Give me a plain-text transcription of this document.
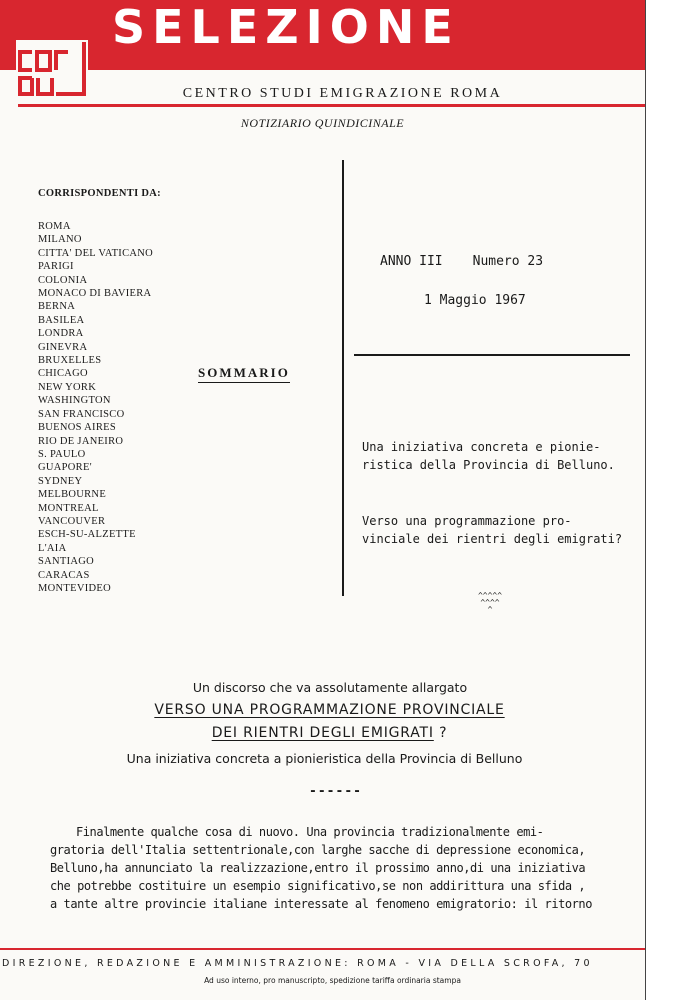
SELEZIONE
CENTRO STUDI EMIGRAZIONE ROMA
NOTIZIARIO QUINDICINALE
CORRISPONDENTI DA:
ROMA
MILANO
CITTA' DEL VATICANO
PARIGI
COLONIA
MONACO DI BAVIERA
BERNA
BASILEA
LONDRA
GINEVRA
BRUXELLES
CHICAGO
NEW YORK
WASHINGTON
SAN FRANCISCO
BUENOS AIRES
RIO DE JANEIRO
S. PAULO
GUAPORE'
SYDNEY
MELBOURNE
MONTREAL
VANCOUVER
ESCH-SU-ALZETTE
L'AIA
SANTIAGO
CARACAS
MONTEVIDEO
SOMMARIO
ANNO III Numero 23
1 Maggio 1967
Una iniziativa concreta e pionie-
ristica della Provincia di Belluno.
Verso una programmazione pro-
vinciale dei rientri degli emigrati?
^^^^^
^^^^
^
Un discorso che va assolutamente allargato
VERSO UNA PROGRAMMAZIONE PROVINCIALE
DEI RIENTRI DEGLI EMIGRATI ?
Una iniziativa concreta a pionieristica della Provincia di Belluno
------
Finalmente qualche cosa di nuovo. Una provincia tradizionalmente emi-
gratoria dell'Italia settentrionale,con larghe sacche di depressione economica,
Belluno,ha annunciato la realizzazione,entro il prossimo anno,di una iniziativa
che potrebbe costituire un esempio significativo,se non addirittura una sfida ,
a tante altre provincie italiane interessate al fenomeno emigratorio: il ritorno
DIREZIONE, REDAZIONE E AMMINISTRAZIONE: ROMA - VIA DELLA SCROFA, 70
Ad uso interno, pro manuscripto, spedizione tariffa ordinaria stampa
